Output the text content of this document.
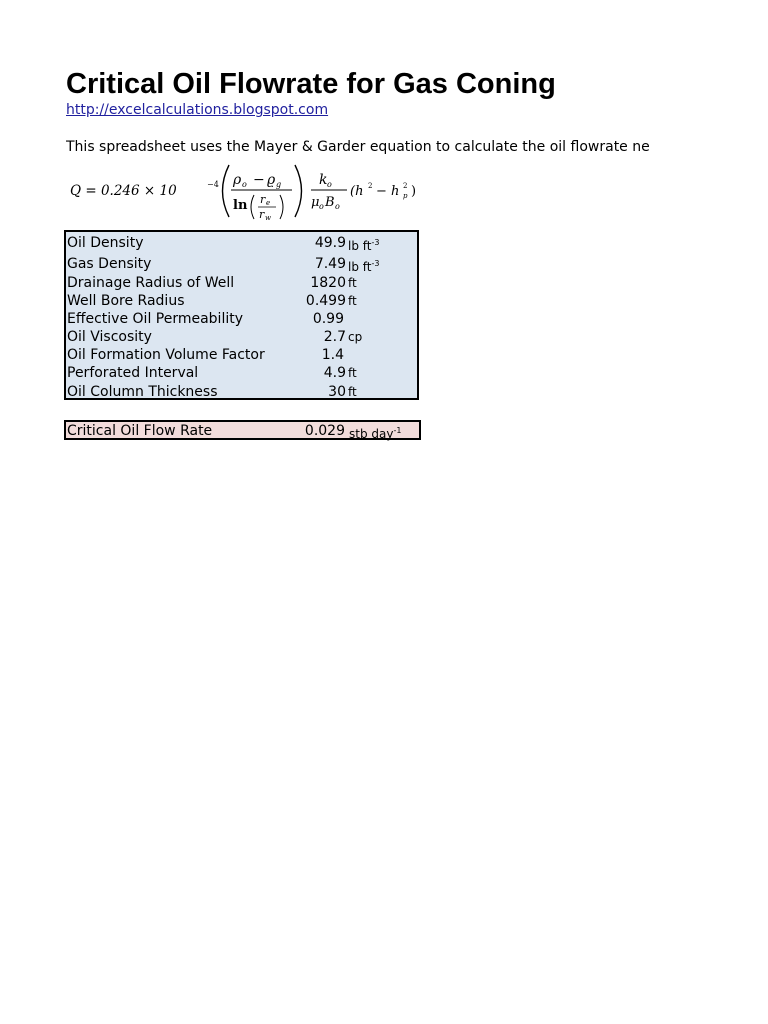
Critical Oil Flowrate for Gas Coning
http://excelcalculations.blogspot.com
This spreadsheet uses the Mayer & Garder equation to calculate the oil flowrate ne
Q = 0.246 × 10	−4 ρ o − ϱ g
ln r e
r w
k o
μ o B o
(h 2 − h p
2 )
Oil Density	49.9 lb $ft^{-3}$
Gas Density	7.49 lb $ft^{-3}$
Drainage Radius of Well	1820 ft
Well Bore Radius	0.499 ft
Effective Oil Permeability	0.99
Oil Viscosity	2.7 cp
Oil Formation Volume Factor	1.4
Perforated Interval	4.9 ft
Oil Column Thickness	30 ft
Critical Oil Flow Rate	0.029 stb day$^{-1}$
